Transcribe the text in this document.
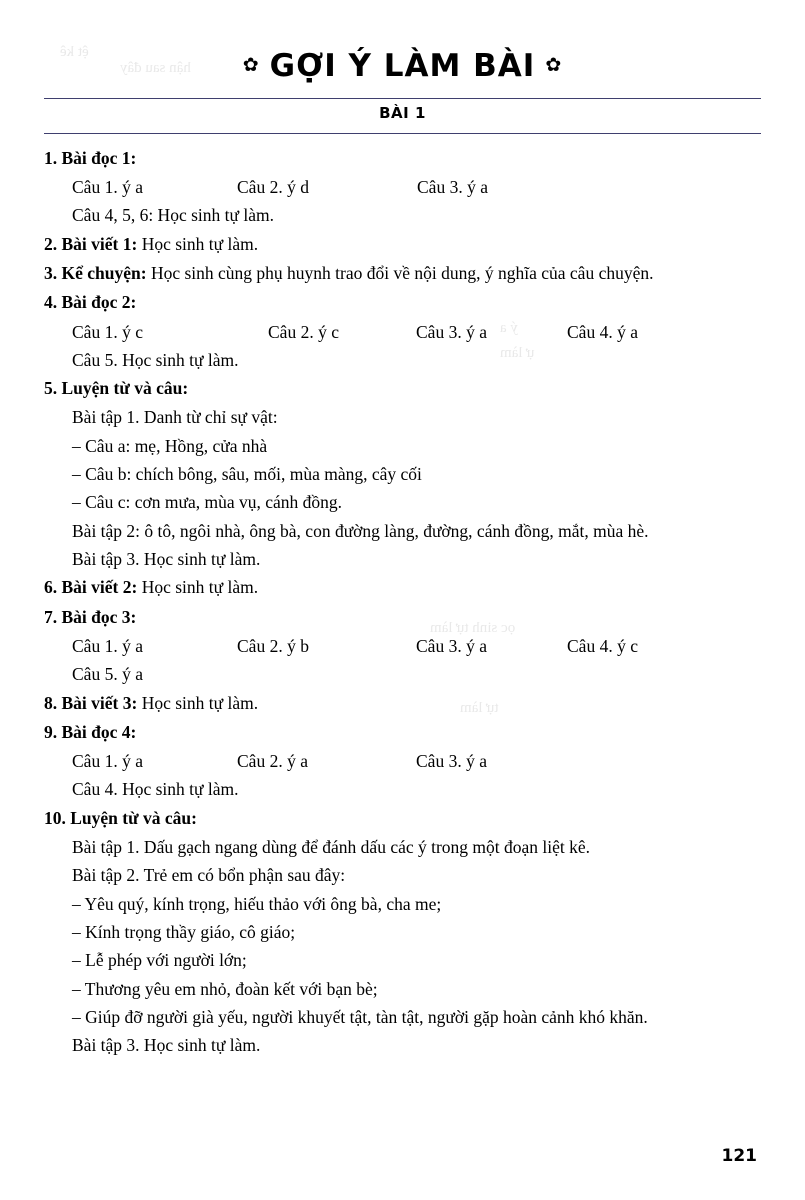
ệt kê
hận sau đây
ý a
ự làm
ọc sinh tự làm
tự làm
✿ GỢI Ý LÀM BÀI ✿
BÀI 1
1. Bài đọc 1:
Câu 1. ý a	Câu 2. ý d	Câu 3. ý a
Câu 4, 5, 6: Học sinh tự làm.
2. Bài viết 1: Học sinh tự làm.
3. Kể chuyện: Học sinh cùng phụ huynh trao đổi về nội dung, ý nghĩa của câu chuyện.
4. Bài đọc 2:
Câu 1. ý c	Câu 2. ý c	Câu 3. ý a	Câu 4. ý a
Câu 5. Học sinh tự làm.
5. Luyện từ và câu:
Bài tập 1. Danh từ chỉ sự vật:
– Câu a: mẹ, Hồng, cửa nhà
– Câu b: chích bông, sâu, mối, mùa màng, cây cối
– Câu c: cơn mưa, mùa vụ, cánh đồng.
Bài tập 2: ô tô, ngôi nhà, ông bà, con đường làng, đường, cánh đồng, mắt, mùa hè.
Bài tập 3. Học sinh tự làm.
6. Bài viết 2: Học sinh tự làm.
7. Bài đọc 3:
Câu 1. ý a	Câu 2. ý b	Câu 3. ý a	Câu 4. ý c
Câu 5. ý a
8. Bài viết 3: Học sinh tự làm.
9. Bài đọc 4:
Câu 1. ý a	Câu 2. ý a	Câu 3. ý a
Câu 4. Học sinh tự làm.
10. Luyện từ và câu:
Bài tập 1. Dấu gạch ngang dùng để đánh dấu các ý trong một đoạn liệt kê.
Bài tập 2. Trẻ em có bổn phận sau đây:
– Yêu quý, kính trọng, hiếu thảo với ông bà, cha me;
– Kính trọng thầy giáo, cô giáo;
– Lễ phép với người lớn;
– Thương yêu em nhỏ, đoàn kết với bạn bè;
– Giúp đỡ người già yếu, người khuyết tật, tàn tật, người gặp hoàn cảnh khó khăn.
Bài tập 3. Học sinh tự làm.
121
